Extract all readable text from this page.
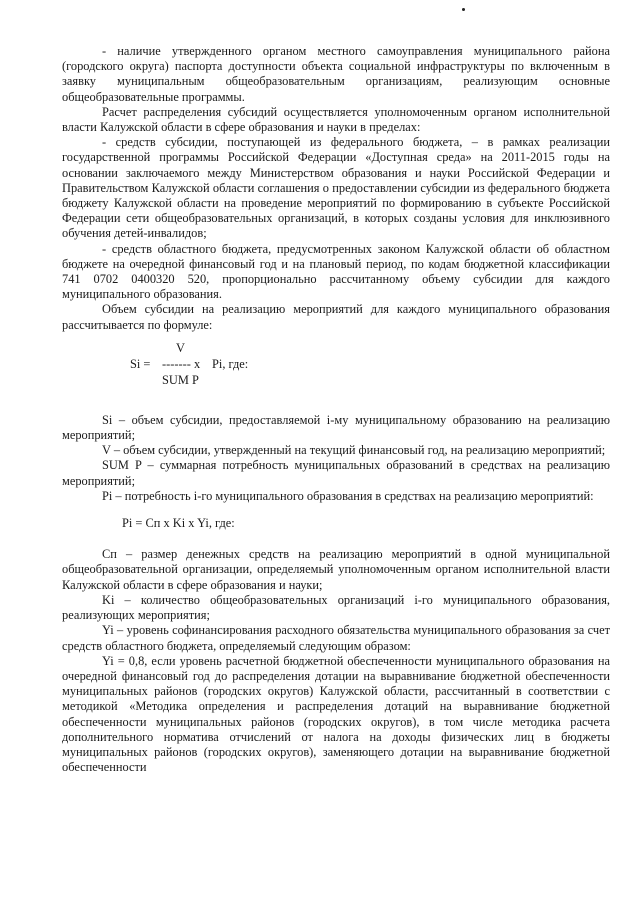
- наличие утвержденного органом местного самоуправления муниципального района (городского округа) паспорта доступности объекта социальной инфраструктуры по включенным в заявку муниципальным общеобразовательным организациям, реализующим основные общеобразовательные программы.

Расчет распределения субсидий осуществляется уполномоченным органом исполнительной власти Калужской области в сфере образования и науки в пределах:

- средств субсидии, поступающей из федерального бюджета, – в рамках реализации государственной программы Российской Федерации «Доступная среда» на 2011-2015 годы на основании заключаемого между Министерством образования и науки Российской Федерации и Правительством Калужской области соглашения о предоставлении субсидии из федерального бюджета бюджету Калужской области на проведение мероприятий по формированию в субъекте Российской Федерации сети общеобразовательных организаций, в которых созданы условия для инклюзивного обучения детей-инвалидов;

- средств областного бюджета, предусмотренных законом Калужской области об областном бюджете на очередной финансовый год и на плановый период, по кодам бюджетной классификации 741 0702 0400320 520, пропорционально рассчитанному объему субсидии для каждого муниципального образования.

Объем субсидии на реализацию мероприятий для каждого муниципального образования рассчитывается по формуле:

V
Si = ------- x Pi, где:
SUM P

Si – объем субсидии, предоставляемой i-му муниципальному образованию на реализацию мероприятий;

V – объем субсидии, утвержденный на текущий финансовый год, на реализацию мероприятий;

SUM P – суммарная потребность муниципальных образований в средствах на реализацию мероприятий;

Pi – потребность i-го муниципального образования в средствах на реализацию мероприятий:

Pi = Cп x Ki x Yi, где:

Cп – размер денежных средств на реализацию мероприятий в одной муниципальной общеобразовательной организации, определяемый уполномоченным органом исполнительной власти Калужской области в сфере образования и науки;

Ki – количество общеобразовательных организаций i-го муниципального образования, реализующих мероприятия;

Yi – уровень софинансирования расходного обязательства муниципального образования за счет средств областного бюджета, определяемый следующим образом:

Yi = 0,8, если уровень расчетной бюджетной обеспеченности муниципального образования на очередной финансовый год до распределения дотации на выравнивание бюджетной обеспеченности муниципальных районов (городских округов) Калужской области, рассчитанный в соответствии с методикой «Методика определения и распределения дотаций на выравнивание бюджетной обеспеченности муниципальных районов (городских округов), в том числе методика расчета дополнительного норматива отчислений от налога на доходы физических лиц в бюджеты муниципальных районов (городских округов), заменяющего дотации на выравнивание бюджетной обеспеченности
